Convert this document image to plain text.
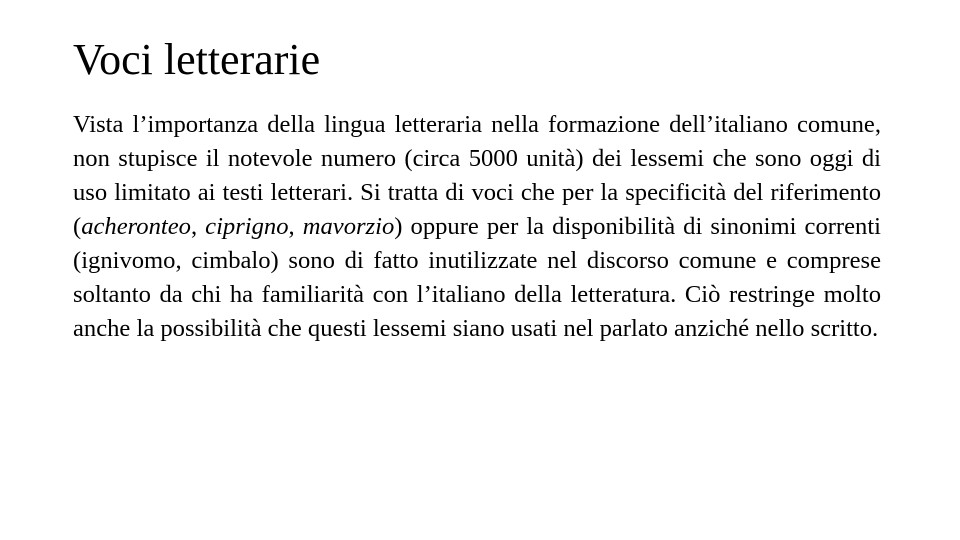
Voci letterarie

Vista l’importanza della lingua letteraria nella formazione dell’italiano comune, non stupisce il notevole numero (circa 5000 unità) dei lessemi che sono oggi di uso limitato ai testi letterari. Si tratta di voci che per la specificità del riferimento (acheronteo, ciprigno, mavorzio) oppure per la disponibilità di sinonimi correnti (ignivomo, cimbalo) sono di fatto inutilizzate nel discorso comune e comprese soltanto da chi ha familiarità con l’italiano della letteratura. Ciò restringe molto anche la possibilità che questi lessemi siano usati nel parlato anziché nello scritto.
